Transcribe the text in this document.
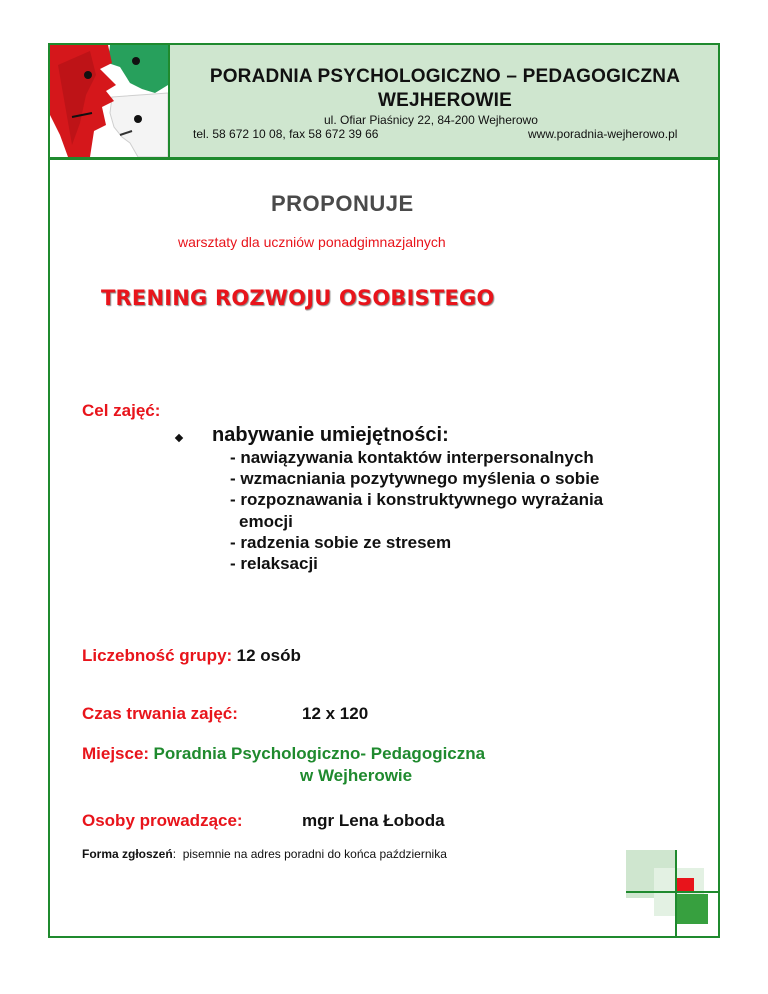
PORADNIA PSYCHOLOGICZNO – PEDAGOGICZNA
WEJHEROWIE
ul. Ofiar Piaśnicy 22, 84-200 Wejherowo
tel. 58 672 10 08, fax 58 672 39 66	www.poradnia-wejherowo.pl
PROPONUJE
warsztaty dla uczniów ponadgimnazjalnych
TRENING ROZWOJU OSOBISTEGO
Cel zajęć:
nabywanie umiejętności:
- nawiązywania kontaktów interpersonalnych
- wzmacniania pozytywnego myślenia o sobie
- rozpoznawania i konstruktywnego wyrażania
emocji
- radzenia sobie ze stresem
- relaksacji
Liczebność grupy: 12 osób
Czas trwania zajęć:	12 x 120
Miejsce: Poradnia Psychologiczno- Pedagogiczna
w Wejherowie
Osoby prowadzące:	mgr Lena Łoboda
Forma zgłoszeń: pisemnie na adres poradni do końca października
